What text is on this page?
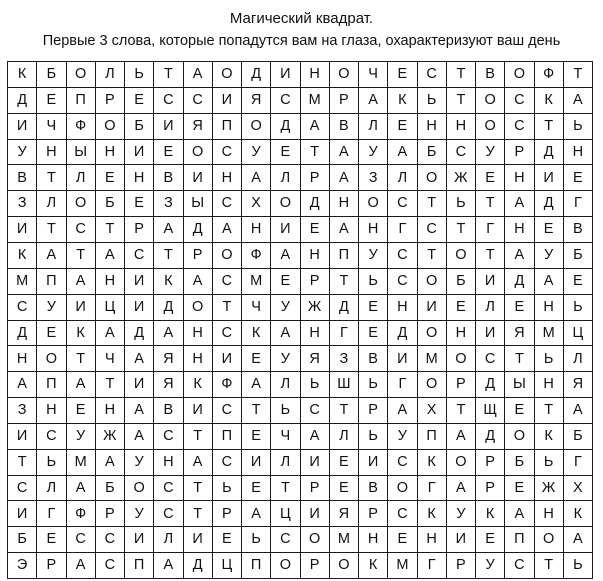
Магический квадрат.
Первые 3 слова, которые попадутся вам на глаза, охарактеризуют ваш день
К	Б	О	Л	Ь	Т	А	О	Д	И	Н	О	Ч	Е	С	Т	В	О	Ф	Т
Д	Е	П	Р	Е	С	С	И	Я	С	М	Р	А	К	Ь	Т	О	С	К	А
И	Ч	Ф	О	Б	И	Я	П	О	Д	А	В	Л	Е	Н	Н	О	С	Т	Ь
У	Н	Ы	Н	И	Е	О	С	У	Е	Т	А	У	А	Б	С	У	Р	Д	Н
В	Т	Л	Е	Н	В	И	Н	А	Л	Р	А	З	Л	О	Ж	Е	Н	И	Е
З	Л	О	Б	Е	З	Ы	С	Х	О	Д	Н	О	С	Т	Ь	Т	А	Д	Г
И	Т	С	Т	Р	А	Д	А	Н	И	Е	А	Н	Г	С	Т	Г	Н	Е	В
К	А	Т	А	С	Т	Р	О	Ф	А	Н	П	У	С	Т	О	Т	А	У	Б
М	П	А	Н	И	К	А	С	М	Е	Р	Т	Ь	С	О	Б	И	Д	А	Е
С	У	И	Ц	И	Д	О	Т	Ч	У	Ж	Д	Е	Н	И	Е	Л	Е	Н	Ь
Д	Е	К	А	Д	А	Н	С	К	А	Н	Г	Е	Д	О	Н	И	Я	М	Ц
Н	О	Т	Ч	А	Я	Н	И	Е	У	Я	З	В	И	М	О	С	Т	Ь	Л
А	П	А	Т	И	Я	К	Ф	А	Л	Ь	Ш	Ь	Г	О	Р	Д	Ы	Н	Я
З	Н	Е	Н	А	В	И	С	Т	Ь	С	Т	Р	А	Х	Т	Щ	Е	Т	А
И	С	У	Ж	А	С	Т	П	Е	Ч	А	Л	Ь	У	П	А	Д	О	К	Б
Т	Ь	М	А	У	Н	А	С	И	Л	И	Е	И	С	К	О	Р	Б	Ь	Г
С	Л	А	Б	О	С	Т	Ь	Е	Т	Р	Е	В	О	Г	А	Р	Е	Ж	Х
И	Г	Ф	Р	У	С	Т	Р	А	Ц	И	Я	Р	С	К	У	К	А	Н	К
Б	Е	С	С	И	Л	И	Е	Ь	С	О	М	Н	Е	Н	И	Е	П	О	А
Э	Р	А	С	П	А	Д	Ц	П	О	Р	О	К	М	Г	Р	У	С	Т	Ь
